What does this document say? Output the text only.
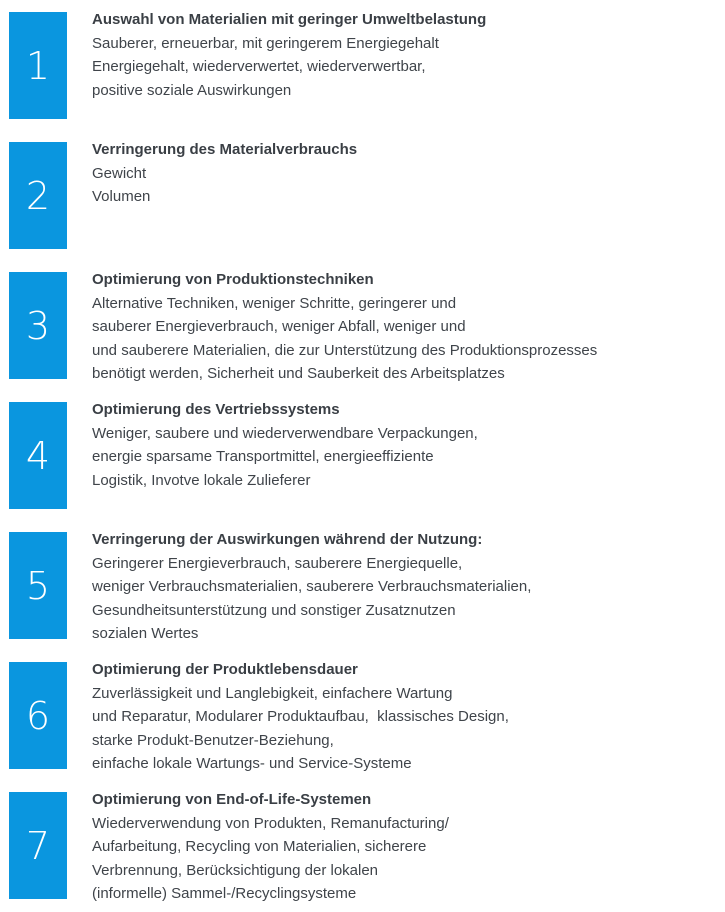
1
Auswahl von Materialien mit geringer Umweltbelastung
Sauberer, erneuerbar, mit geringerem Energiegehalt
Energiegehalt, wiederverwertet, wiederverwertbar,
positive soziale Auswirkungen
2
Verringerung des Materialverbrauchs
Gewicht
Volumen
3
Optimierung von Produktionstechniken
Alternative Techniken, weniger Schritte, geringerer und
sauberer Energieverbrauch, weniger Abfall, weniger und
und sauberere Materialien, die zur Unterstützung des Produktionsprozesses
benötigt werden, Sicherheit und Sauberkeit des Arbeitsplatzes
4
Optimierung des Vertriebssystems
Weniger, saubere und wiederverwendbare Verpackungen,
energie sparsame Transportmittel, energieeffiziente
Logistik, Invotve lokale Zulieferer
5
Verringerung der Auswirkungen während der Nutzung:
Geringerer Energieverbrauch, sauberere Energiequelle,
weniger Verbrauchsmaterialien, sauberere Verbrauchsmaterialien,
Gesundheitsunterstützung und sonstiger Zusatznutzen
sozialen Wertes
6
Optimierung der Produktlebensdauer
Zuverlässigkeit und Langlebigkeit, einfachere Wartung
und Reparatur, Modularer Produktaufbau,  klassisches Design,
starke Produkt-Benutzer-Beziehung,
einfache lokale Wartungs- und Service-Systeme
7
Optimierung von End-of-Life-Systemen
Wiederverwendung von Produkten, Remanufacturing/
Aufarbeitung, Recycling von Materialien, sicherere
Verbrennung, Berücksichtigung der lokalen
(informelle) Sammel-/Recyclingsysteme
